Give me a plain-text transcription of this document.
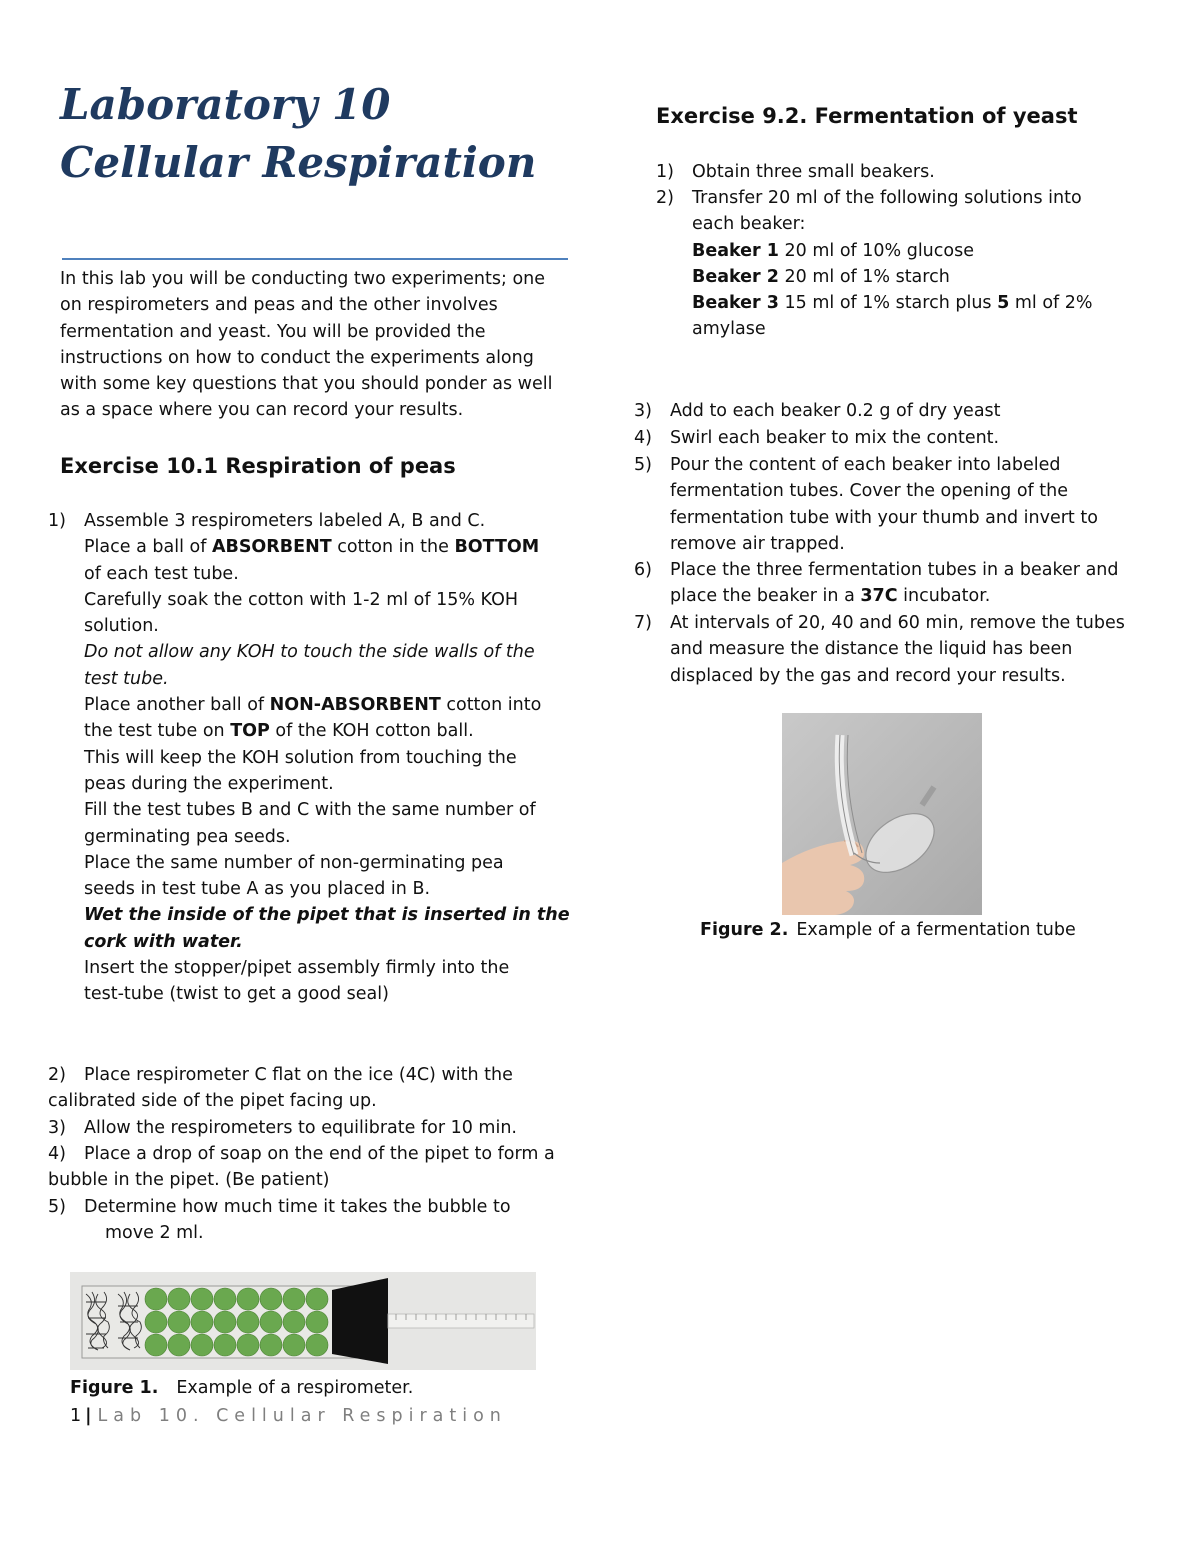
Laboratory 10
Cellular Respiration
In this lab you will be conducting two experiments; one
on respirometers and peas and the other involves
fermentation and yeast. You will be provided the
instructions on how to conduct the experiments along
with some key questions that you should ponder as well
as a space where you can record your results.
Exercise 10.1 Respiration of peas
1) Assemble 3 respirometers labeled A, B and C.
Place a ball of ABSORBENT cotton in the BOTTOM
of each test tube.
Carefully soak the cotton with 1-2 ml of 15% KOH
solution.
Do not allow any KOH to touch the side walls of the
test tube.
Place another ball of NON-ABSORBENT cotton into
the test tube on TOP of the KOH cotton ball.
This will keep the KOH solution from touching the
peas during the experiment.
Fill the test tubes B and C with the same number of
germinating pea seeds.
Place the same number of non-germinating pea
seeds in test tube A as you placed in B.
Wet the inside of the pipet that is inserted in the
cork with water.
Insert the stopper/pipet assembly firmly into the
test-tube (twist to get a good seal)
2) Place respirometer C flat on the ice (4C) with the
calibrated side of the pipet facing up.
3) Allow the respirometers to equilibrate for 10 min.
4) Place a drop of soap on the end of the pipet to form a
bubble in the pipet. (Be patient)
5) Determine how much time it takes the bubble to
move 2 ml.
Figure 1. Example of a respirometer.
1 | Lab 10. Cellular Respiration
Exercise 9.2. Fermentation of yeast
1) Obtain three small beakers.
2) Transfer 20 ml of the following solutions into
each beaker:
Beaker 1 20 ml of 10% glucose
Beaker 2 20 ml of 1% starch
Beaker 3 15 ml of 1% starch plus 5 ml of 2%
amylase
3) Add to each beaker 0.2 g of dry yeast
4) Swirl each beaker to mix the content.
5) Pour the content of each beaker into labeled
fermentation tubes. Cover the opening of the
fermentation tube with your thumb and invert to
remove air trapped.
6) Place the three fermentation tubes in a beaker and
place the beaker in a 37C incubator.
7) At intervals of 20, 40 and 60 min, remove the tubes
and measure the distance the liquid has been
displaced by the gas and record your results.
Figure 2. Example of a fermentation tube
